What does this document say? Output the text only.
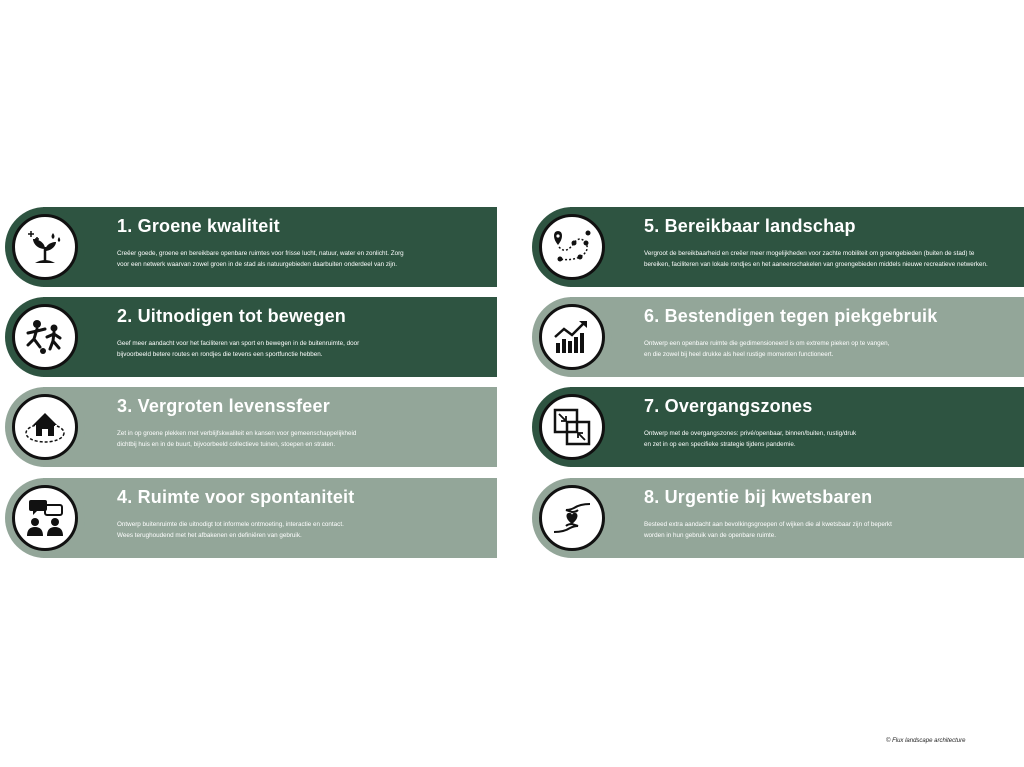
1. Groene kwaliteit
Creëer goede, groene en bereikbare openbare ruimtes voor frisse lucht, natuur, water en zonlicht. Zorg
voor een netwerk waarvan zowel groen in de stad als natuurgebieden daarbuiten onderdeel van zijn.
2. Uitnodigen tot bewegen
Geef meer aandacht voor het faciliteren van sport en bewegen in de buitenruimte, door
bijvoorbeeld betere routes en rondjes die tevens een sportfunctie hebben.
3. Vergroten levenssfeer
Zet in op groene plekken met verblijfskwaliteit en kansen voor gemeenschappelijkheid
dichtbij huis en in de buurt, bijvoorbeeld collectieve tuinen, stoepen en straten.
4. Ruimte voor spontaniteit
Ontwerp buitenruimte die uitnodigt tot informele ontmoeting, interactie en contact.
Wees terughoudend met het afbakenen en definiëren van gebruik.
5. Bereikbaar landschap
Vergroot de bereikbaarheid en creëer meer mogelijkheden voor zachte mobiliteit om groengebieden (buiten de stad) te
bereiken, faciliteren van lokale rondjes en het aaneenschakelen van groengebieden middels nieuwe recreatieve netwerken.
6. Bestendigen tegen piekgebruik
Ontwerp een openbare ruimte die gedimensioneerd is om extreme pieken op te vangen,
en die zowel bij heel drukke als heel rustige momenten functioneert.
7. Overgangszones
Ontwerp met de overgangszones: privé/openbaar, binnen/buiten, rustig/druk
en zet in op een specifieke strategie tijdens pandemie.
8. Urgentie bij kwetsbaren
Besteed extra aandacht aan bevolkingsgroepen of wijken die al kwetsbaar zijn of beperkt
worden in hun gebruik van de openbare ruimte.
© Flux landscape architecture
